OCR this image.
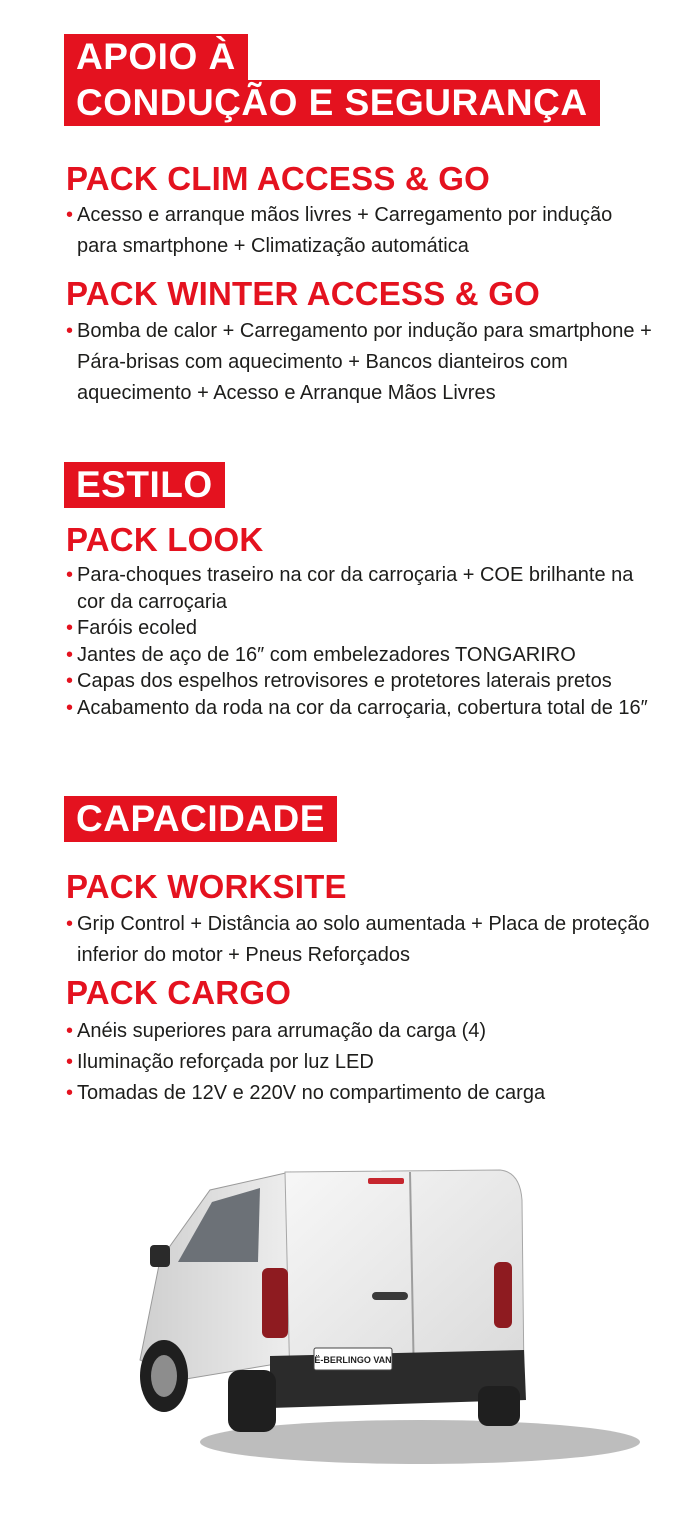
APOIO À
CONDUÇÃO E SEGURANÇA
PACK CLIM ACCESS & GO
• Acesso e arranque mãos livres + Carregamento por indução para smartphone + Climatização automática
PACK WINTER ACCESS & GO
• Bomba de calor + Carregamento por indução para smartphone + Pára-brisas com aquecimento + Bancos dianteiros com aquecimento + Acesso e Arranque Mãos Livres
ESTILO
PACK LOOK
• Para-choques traseiro na cor da carroçaria + COE brilhante na cor da carroçaria
• Faróis ecoled
• Jantes de aço de 16″ com embelezadores TONGARIRO
• Capas dos espelhos retrovisores e protetores laterais pretos
• Acabamento da roda na cor da carroçaria, cobertura total de 16″
CAPACIDADE
PACK WORKSITE
• Grip Control + Distância ao solo aumentada + Placa de proteção inferior do motor + Pneus Reforçados
PACK CARGO
• Anéis superiores para arrumação da carga (4)
• Iluminação reforçada por luz LED
• Tomadas de 12V e 220V no compartimento de carga
Ë-BERLINGO VAN
